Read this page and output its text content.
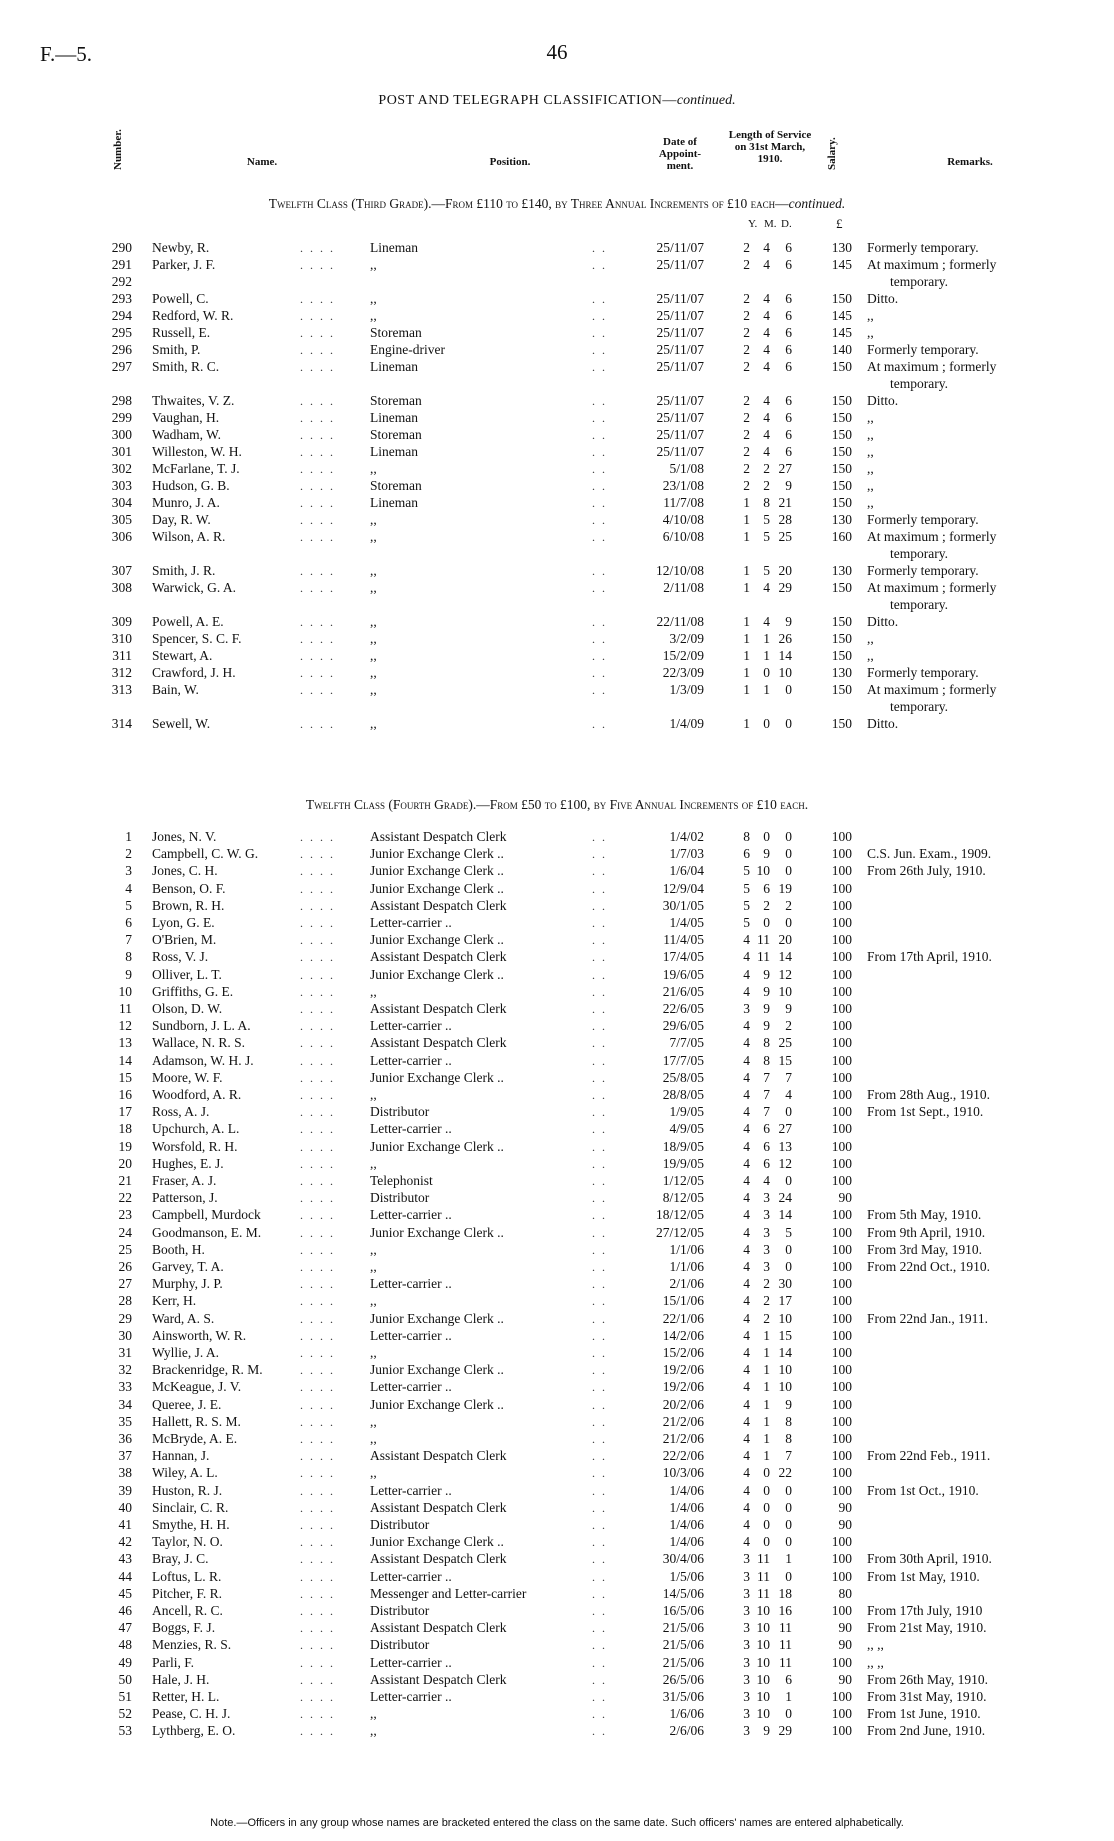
F.—5.	46
POST AND TELEGRAPH CLASSIFICATION—continued.
Number.	Name.	Position.
Date of Appoint-ment.
Length of Service on 31st March, 1910.	Salary.	Remarks.
Twelfth Class (Third Grade).—From £110 to £140, by Three Annual Increments of £10 each—continued.
Y. M. D.	£
Twelfth Class (Fourth Grade).—From £50 to £100, by Five Annual Increments of £10 each.
290 Newby, R.	Lineman	25/11/07	2 4	6	130 Formerly temporary.
. . . .	. .
291 Parker, J. F.	,,	25/11/07	2 4	6	145 At maximum ; formerly
temporary.
. . . .	. .
292
293 Powell, C.	,,	25/11/07	2 4	6	150 Ditto.
. . . .	. .
294 Redford, W. R.	,,	25/11/07	2 4	6	145 ,,
. . . .	. .
295 Russell, E.	Storeman	25/11/07	2 4	6	145 ,,
. . . .	. .
296 Smith, P.	Engine-driver	25/11/07	2 4	6	140 Formerly temporary.
. . . .	. .
297 Smith, R. C.	Lineman	25/11/07	2 4	6	150 At maximum ; formerly
temporary.
. . . .	. .
298 Thwaites, V. Z.	Storeman	25/11/07	2 4	6	150 Ditto.
. . . .	. .
299 Vaughan, H.	Lineman	25/11/07	2 4	6	150 ,,
. . . .	. .
300 Wadham, W.	Storeman	25/11/07	2 4	6	150 ,,
. . . .	. .
301 Willeston, W. H.	Lineman	25/11/07	2 4	6	150 ,,
. . . .	. .
302 McFarlane, T. J.	,,	5/1/08	2 2 27	150 ,,
. . . .	. .
303 Hudson, G. B.	Storeman	23/1/08	2 2	9	150 ,,
. . . .	. .
304 Munro, J. A.	Lineman	11/7/08	1 8 21	150 ,,
. . . .	. .
305 Day, R. W.	,,	4/10/08	1 5 28	130 Formerly temporary.
. . . .	. .
306 Wilson, A. R.	,,	6/10/08	1 5 25	160 At maximum ; formerly
temporary.
. . . .	. .
307 Smith, J. R.	,,	12/10/08	1 5 20	130 Formerly temporary.
. . . .	. .
308 Warwick, G. A.	,,	2/11/08	1 4 29	150 At maximum ; formerly
temporary.
. . . .	. .
309 Powell, A. E.	,,	22/11/08	1 4	9	150 Ditto.
. . . .	. .
310 Spencer, S. C. F.	,,	3/2/09	1 1 26	150 ,,
. . . .	. .
311 Stewart, A.	,,	15/2/09	1 1 14	150 ,,
. . . .	. .
312 Crawford, J. H.	,,	22/3/09	1 0 10	130 Formerly temporary.
. . . .	. .
313 Bain, W.	,,	1/3/09	1 1	0	150 At maximum ; formerly
temporary.
. . . .	. .
314 Sewell, W.	,,	1/4/09	1 0	0	150 Ditto.
. . . .	. .
1 Jones, N. V.	Assistant Despatch Clerk	1/4/02	8 0	0	100
. . . .	. .
2 Campbell, C. W. G.	Junior Exchange Clerk ..	1/7/03	6 9	0	100 C.S. Jun. Exam., 1909.
. . . .	. .
3 Jones, C. H.	Junior Exchange Clerk ..	1/6/04	5 10	0	100 From 26th July, 1910.
. . . .	. .
4 Benson, O. F.	Junior Exchange Clerk ..	12/9/04	5 6 19	100
. . . .	. .
5 Brown, R. H.	Assistant Despatch Clerk	30/1/05	5 2	2	100
. . . .	. .
6 Lyon, G. E.	Letter-carrier ..	1/4/05	5 0	0	100
. . . .	. .
7 O'Brien, M.	Junior Exchange Clerk ..	11/4/05	4 11 20	100
. . . .	. .
8 Ross, V. J.	Assistant Despatch Clerk	17/4/05	4 11 14	100 From 17th April, 1910.
. . . .	. .
9 Olliver, L. T.	Junior Exchange Clerk ..	19/6/05	4 9 12	100
. . . .	. .
10 Griffiths, G. E.	,,	21/6/05	4 9 10	100
. . . .	. .
11 Olson, D. W.	Assistant Despatch Clerk	22/6/05	3 9	9	100
. . . .	. .
12 Sundborn, J. L. A.	Letter-carrier ..	29/6/05	4 9	2	100
. . . .	. .
13 Wallace, N. R. S.	Assistant Despatch Clerk	7/7/05	4 8 25	100
. . . .	. .
14 Adamson, W. H. J.	Letter-carrier ..	17/7/05	4 8 15	100
. . . .	. .
15 Moore, W. F.	Junior Exchange Clerk ..	25/8/05	4 7	7	100
. . . .	. .
16 Woodford, A. R.	,,	28/8/05	4 7	4	100 From 28th Aug., 1910.
. . . .	. .
17 Ross, A. J.	Distributor	1/9/05	4 7	0	100 From 1st Sept., 1910.
. . . .	. .
18 Upchurch, A. L.	Letter-carrier ..	4/9/05	4 6 27	100
. . . .	. .
19 Worsfold, R. H.	Junior Exchange Clerk ..	18/9/05	4 6 13	100
. . . .	. .
20 Hughes, E. J.	,,	19/9/05	4 6 12	100
. . . .	. .
21 Fraser, A. J.	Telephonist	1/12/05	4 4	0	100
. . . .	. .
22 Patterson, J.	Distributor	8/12/05	4 3 24	90
. . . .	. .
23 Campbell, Murdock	Letter-carrier ..	18/12/05	4 3 14	100 From 5th May, 1910.
. . . .	. .
24 Goodmanson, E. M.	Junior Exchange Clerk ..	27/12/05	4 3	5	100 From 9th April, 1910.
. . . .	. .
25 Booth, H.	,,	1/1/06	4 3	0	100 From 3rd May, 1910.
. . . .	. .
26 Garvey, T. A.	,,	1/1/06	4 3	0	100 From 22nd Oct., 1910.
. . . .	. .
27 Murphy, J. P.	Letter-carrier ..	2/1/06	4 2 30	100
. . . .	. .
28 Kerr, H.	,,	15/1/06	4 2 17	100
. . . .	. .
29 Ward, A. S.	Junior Exchange Clerk ..	22/1/06	4 2 10	100 From 22nd Jan., 1911.
. . . .	. .
30 Ainsworth, W. R.	Letter-carrier ..	14/2/06	4 1 15	100
. . . .	. .
31 Wyllie, J. A.	,,	15/2/06	4 1 14	100
. . . .	. .
32 Brackenridge, R. M.	Junior Exchange Clerk ..	19/2/06	4 1 10	100
. . . .	. .
33 McKeague, J. V.	Letter-carrier ..	19/2/06	4 1 10	100
. . . .	. .
34 Queree, J. E.	Junior Exchange Clerk ..	20/2/06	4 1	9	100
. . . .	. .
35 Hallett, R. S. M.	,,	21/2/06	4 1	8	100
. . . .	. .
36 McBryde, A. E.	,,	21/2/06	4 1	8	100
. . . .	. .
37 Hannan, J.	Assistant Despatch Clerk	22/2/06	4 1	7	100 From 22nd Feb., 1911.
. . . .	. .
38 Wiley, A. L.	,,	10/3/06	4 0 22	100
. . . .	. .
39 Huston, R. J.	Letter-carrier ..	1/4/06	4 0	0	100 From 1st Oct., 1910.
. . . .	. .
40 Sinclair, C. R.	Assistant Despatch Clerk	1/4/06	4 0	0	90
. . . .	. .
41 Smythe, H. H.	Distributor	1/4/06	4 0	0	90
. . . .	. .
42 Taylor, N. O.	Junior Exchange Clerk ..	1/4/06	4 0	0	100
. . . .	. .
43 Bray, J. C.	Assistant Despatch Clerk	30/4/06	3 11	1	100 From 30th April, 1910.
. . . .	. .
44 Loftus, L. R.	Letter-carrier ..	1/5/06	3 11	0	100 From 1st May, 1910.
. . . .	. .
45 Pitcher, F. R.	Messenger and Letter-carrier	14/5/06	3 11 18	80
. . . .	. .
46 Ancell, R. C.	Distributor	16/5/06	3 10 16	100 From 17th July, 1910
. . . .	. .
47 Boggs, F. J.	Assistant Despatch Clerk	21/5/06	3 10 11	90 From 21st May, 1910.
. . . .	. .
48 Menzies, R. S.	Distributor	21/5/06	3 10 11	90 ,, ,,
. . . .	. .
49 Parli, F.	Letter-carrier ..	21/5/06	3 10 11	100 ,, ,,
. . . .	. .
50 Hale, J. H.	Assistant Despatch Clerk	26/5/06	3 10	6	90 From 26th May, 1910.
. . . .	. .
51 Retter, H. L.	Letter-carrier ..	31/5/06	3 10	1	100 From 31st May, 1910.
. . . .	. .
52 Pease, C. H. J.	,,	1/6/06	3 10	0	100 From 1st June, 1910.
. . . .	. .
53 Lythberg, E. O.	,,	2/6/06	3 9 29	100 From 2nd June, 1910.
. . . .	. .
Note.—Officers in any group whose names are bracketed entered the class on the same date. Such officers' names are entered alphabetically.
